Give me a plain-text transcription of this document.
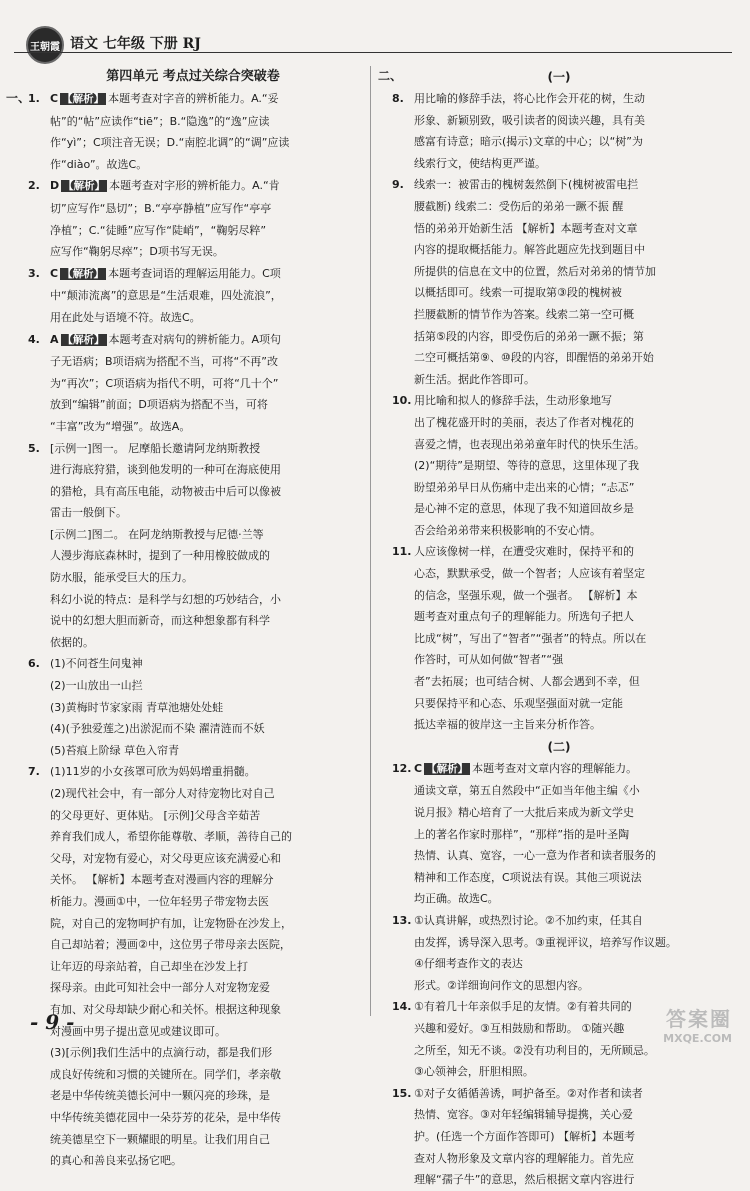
王朝霞 语文 七年级 下册 RJ
第四单元 考点过关综合突破卷
一、
1. C 【解析】 本题考查对字音的辨析能力。A.“妥
帖”的“帖”应读作“tiē”；B.“隐逸”的“逸”应读
作“yì”；C项注音无误；D.“南腔北调”的“调”应读
作“diào”。故选C。
2. D 【解析】 本题考查对字形的辨析能力。A.“肯
切”应写作“恳切”；B.“亭亭静植”应写作“亭亭
净植”；C.“徒睡”应写作“陡峭”，“鞠躬尽粹”
应写作“鞠躬尽瘁”；D项书写无误。
3. C 【解析】 本题考查词语的理解运用能力。C项
中“颠沛流离”的意思是“生活艰难，四处流浪”，
用在此处与语境不符。故选C。
4. A 【解析】 本题考查对病句的辨析能力。A项句
子无语病；B项语病为搭配不当，可将“不再”改
为“再次”；C项语病为指代不明，可将“几十个”
放到“编辑”前面；D项语病为搭配不当，可将
“丰富”改为“增强”。故选A。
5. [示例一]图一。 尼摩船长邀请阿龙纳斯教授
进行海底狩猎，谈到他发明的一种可在海底使用
的猎枪，具有高压电能，动物被击中后可以像被
雷击一般倒下。
[示例二]图二。 在阿龙纳斯教授与尼德·兰等
人漫步海底森林时，提到了一种用橡胶做成的
防水服，能承受巨大的压力。
科幻小说的特点：是科学与幻想的巧妙结合，小
说中的幻想大胆而新奇，而这种想象都有科学
依据的。
6. (1)不问苍生问鬼神
(2)一山放出一山拦
(3)黄梅时节家家雨 青草池塘处处蛙
(4)(予独爱莲之)出淤泥而不染 濯清涟而不妖
(5)苔痕上阶绿 草色入帘青
7. (1)11岁的小女孩罩可欣为妈妈增重捐髓。
(2)现代社会中，有一部分人对待宠物比对自己
的父母更好、更体贴。 [示例]父母含辛茹苦
养育我们成人，希望你能尊敬、孝顺，善待自己的
父母，对宠物有爱心，对父母更应该充满爱心和
关怀。 【解析】本题考查对漫画内容的理解分
析能力。漫画①中，一位年轻男子带宠物去医
院，对自己的宠物呵护有加，让宠物卧在沙发上，
自己却站着；漫画②中，这位男子带母亲去医院，
让年迈的母亲站着，自己却坐在沙发上打
探母亲。由此可知社会中一部分人对宠物宠爱
有加、对父母却缺少耐心和关怀。根据这种现象
对漫画中男子提出意见或建议即可。
(3)[示例]我们生活中的点滴行动，都是我们形
成良好传统和习惯的关键所在。同学们，孝亲敬
老是中华传统美德长河中一颗闪亮的珍珠，是
中华传统美德花园中一朵芬芳的花朵，是中华传
统美德星空下一颗耀眼的明星。让我们用自己
的真心和善良来弘扬它吧。
(一)
二、
8. 用比喻的修辞手法，将心比作会开花的树，生动
形象、新颖别致，吸引读者的阅读兴趣，具有美
感富有诗意；暗示(揭示)文章的中心；以“树”为
线索行文，使结构更严谨。
9. 线索一：被雷击的槐树轰然倒下(槐树被雷电拦
腰截断) 线索二：受伤后的弟弟一蹶不振 醒
悟的弟弟开始新生活 【解析】本题考查对文章
内容的提取概括能力。解答此题应先找到题目中
所提供的信息在文中的位置，然后对弟弟的情节加
以概括即可。线索一可提取第③段的槐树被
拦腰截断的情节作为答案。线索二第一空可概
括第⑤段的内容，即受伤后的弟弟一蹶不振；第
二空可概括第⑨、⑩段的内容，即醒悟的弟弟开始
新生活。据此作答即可。
10. 用比喻和拟人的修辞手法，生动形象地写
出了槐花盛开时的美丽，表达了作者对槐花的
喜爱之情，也表现出弟弟童年时代的快乐生活。
(2)“期待”是期望、等待的意思，这里体现了我
盼望弟弟早日从伤痛中走出来的心情；“忐忑”
是心神不定的意思，体现了我不知道回故乡是
否会给弟弟带来积极影响的不安心情。
11. 人应该像树一样，在遭受灾难时，保持平和的
心态，默默承受，做一个智者；人应该有着坚定
的信念，坚强乐观，做一个强者。 【解析】本
题考查对重点句子的理解能力。所选句子把人
比成“树”，写出了“智者”“强者”的特点。所以在
作答时，可从如何做“智者”“强
者”去拓展；也可结合树、人都会遇到不幸，但
只要保持平和心态、乐观坚强面对就一定能
抵达幸福的彼岸这一主旨来分析作答。
(二)
12. C 【解析】 本题考查对文章内容的理解能力。
通读文章，第五自然段中“正如当年他主编《小
说月报》精心培育了一大批后来成为新文学史
上的著名作家时那样”，“那样”指的是叶圣陶
热情、认真、宽容，一心一意为作者和读者服务的
精神和工作态度，C项说法有误。其他三项说法
均正确。故选C。
13. ①认真讲解，或热烈讨论。②不加约束，任其自
由发挥，诱导深入思考。③重视评议，培养写作议题。
④仔细考查作文的表达
形式。②详细询问作文的思想内容。
14. ①有着几十年亲似手足的友情。②有着共同的
兴趣和爱好。③互相鼓励和帮助。 ①随兴趣
之所至，知无不谈。②没有功利目的，无所顾忌。
③心领神会，肝胆相照。
15. ①对子女循循善诱，呵护备至。②对作者和读者
热情、宽容。③对年轻编辑辅导提携，关心爱
护。(任选一个方面作答即可) 【解析】本题考
查对人物形象及文章内容的理解能力。首先应
理解“孺子牛”的意思，然后根据文章内容进行
- 9 -	答案圈
MXQE.COM
